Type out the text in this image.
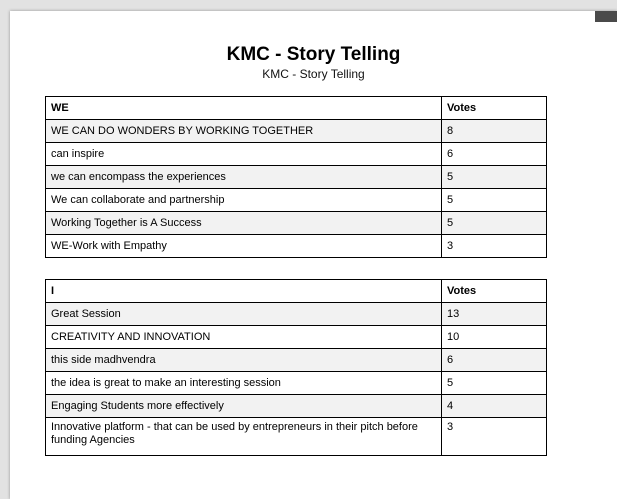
KMC - Story Telling

KMC - Story Telling

WE	Votes
WE CAN DO WONDERS BY WORKING TOGETHER	8
can inspire	6
we can encompass the experiences	5
We can collaborate and partnership	5
Working Together is A Success	5
WE-Work with Empathy	3
I	Votes
Great Session	13
CREATIVITY AND INNOVATION	10
this side madhvendra	6
the idea is great to make an interesting session	5
Engaging Students more effectively	4
Innovative platform - that can be used by entrepreneurs in their pitch before funding Agencies	3
